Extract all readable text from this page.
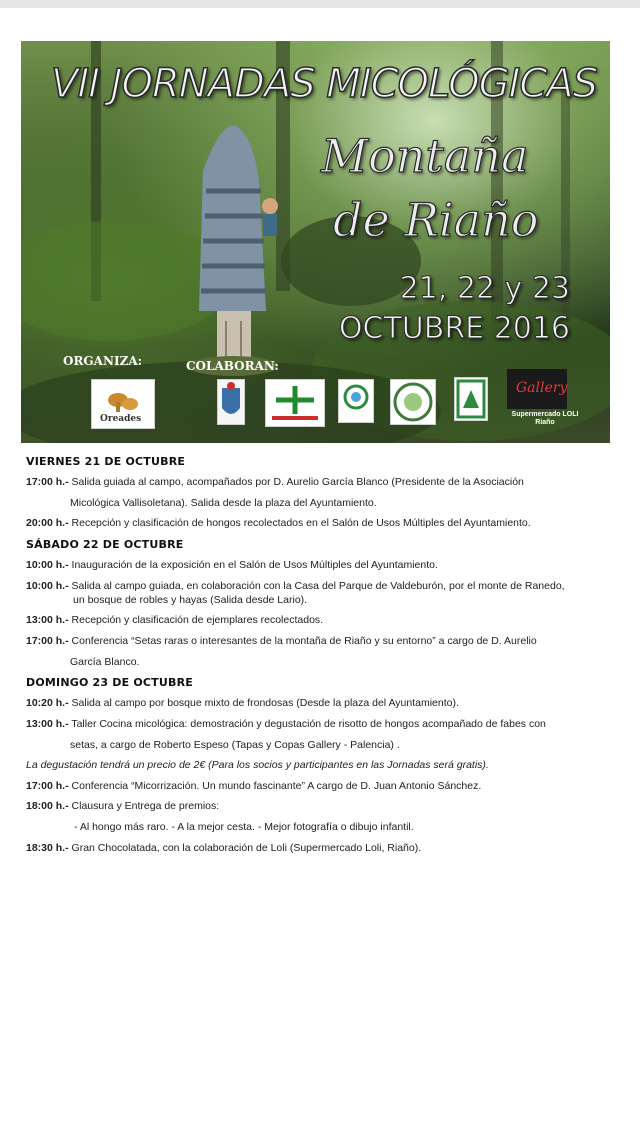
VII JORNADAS MICOLÓGICAS
Montaña
de Riaño
21, 22 y 23
OCTUBRE 2016
ORGANIZA:	COLABORAN:
Oreades
Gallery
Supermercado LOLI Riaño
VIERNES 21 DE OCTUBRE
17:00 h.- Salida guiada al campo, acompañados por D. Aurelio García Blanco (Presidente de la Asociación
Micológica Vallisoletana). Salida desde la plaza del Ayuntamiento.
20:00 h.- Recepción y clasificación de hongos recolectados en el Salón de Usos Múltiples del Ayuntamiento.
SÁBADO 22 DE OCTUBRE
10:00 h.- Inauguración de la exposición en el Salón de Usos Múltiples del Ayuntamiento.
10:00 h.- Salida al campo guiada, en colaboración con la Casa del Parque de Valdeburón, por el monte de Ranedo,
un bosque de robles y hayas (Salida desde Lario).
13:00 h.- Recepción y clasificación de ejemplares recolectados.
17:00 h.- Conferencia “Setas raras o interesantes de la montaña de Riaño y su entorno” a cargo de D. Aurelio
García Blanco.
DOMINGO 23 DE OCTUBRE
10:20 h.- Salida al campo por bosque mixto de frondosas (Desde la plaza del Ayuntamiento).
13:00 h.- Taller Cocina micológica: demostración y degustación de risotto de hongos acompañado de fabes con
setas, a cargo de Roberto Espeso (Tapas y Copas Gallery - Palencia) .
La degustación tendrá un precio de 2€ (Para los socios y participantes en las Jornadas será gratis).
17:00 h.- Conferencia “Micorrización. Un mundo fascinante” A cargo de D. Juan Antonio Sánchez.
18:00 h.- Clausura y Entrega de premios:
- Al hongo más raro. - A la mejor cesta. - Mejor fotografía o dibujo infantil.
18:30 h.- Gran Chocolatada, con la colaboración de Loli (Supermercado Loli, Riaño).
